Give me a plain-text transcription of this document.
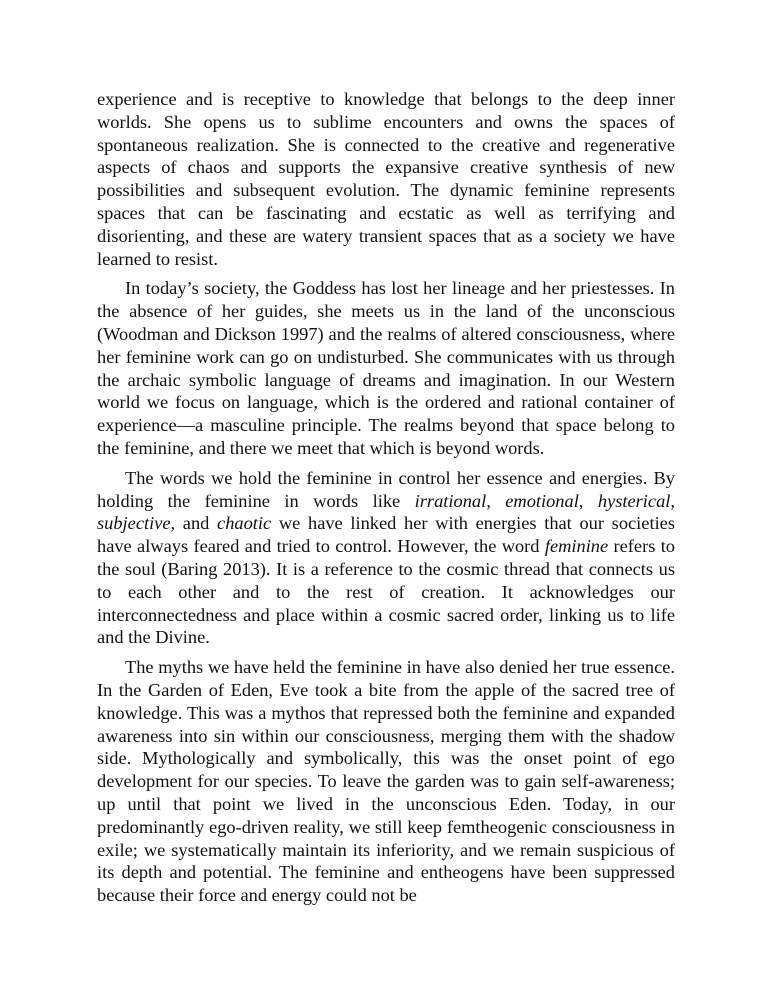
experience and is receptive to knowledge that belongs to the deep inner worlds. She opens us to sublime encounters and owns the spaces of spontaneous realization. She is connected to the creative and regenerative aspects of chaos and supports the expansive creative synthesis of new possibilities and subsequent evolution. The dynamic feminine represents spaces that can be fascinating and ecstatic as well as terrifying and disorienting, and these are watery transient spaces that as a society we have learned to resist.

In today’s society, the Goddess has lost her lineage and her priestesses. In the absence of her guides, she meets us in the land of the unconscious (Woodman and Dickson 1997) and the realms of altered consciousness, where her feminine work can go on undisturbed. She communicates with us through the archaic symbolic language of dreams and imagination. In our Western world we focus on language, which is the ordered and rational container of experience—a masculine principle. The realms beyond that space belong to the feminine, and there we meet that which is beyond words.

The words we hold the feminine in control her essence and energies. By holding the feminine in words like irrational, emotional, hysterical, subjective, and chaotic we have linked her with energies that our societies have always feared and tried to control. However, the word feminine refers to the soul (Baring 2013). It is a reference to the cosmic thread that connects us to each other and to the rest of creation. It acknowledges our interconnectedness and place within a cosmic sacred order, linking us to life and the Divine.

The myths we have held the feminine in have also denied her true essence. In the Garden of Eden, Eve took a bite from the apple of the sacred tree of knowledge. This was a mythos that repressed both the feminine and expanded awareness into sin within our consciousness, merging them with the shadow side. Mythologically and symbolically, this was the onset point of ego development for our species. To leave the garden was to gain self-awareness; up until that point we lived in the unconscious Eden. Today, in our predominantly ego-driven reality, we still keep femtheogenic consciousness in exile; we systematically maintain its inferiority, and we remain suspicious of its depth and potential. The feminine and entheogens have been suppressed because their force and energy could not be
